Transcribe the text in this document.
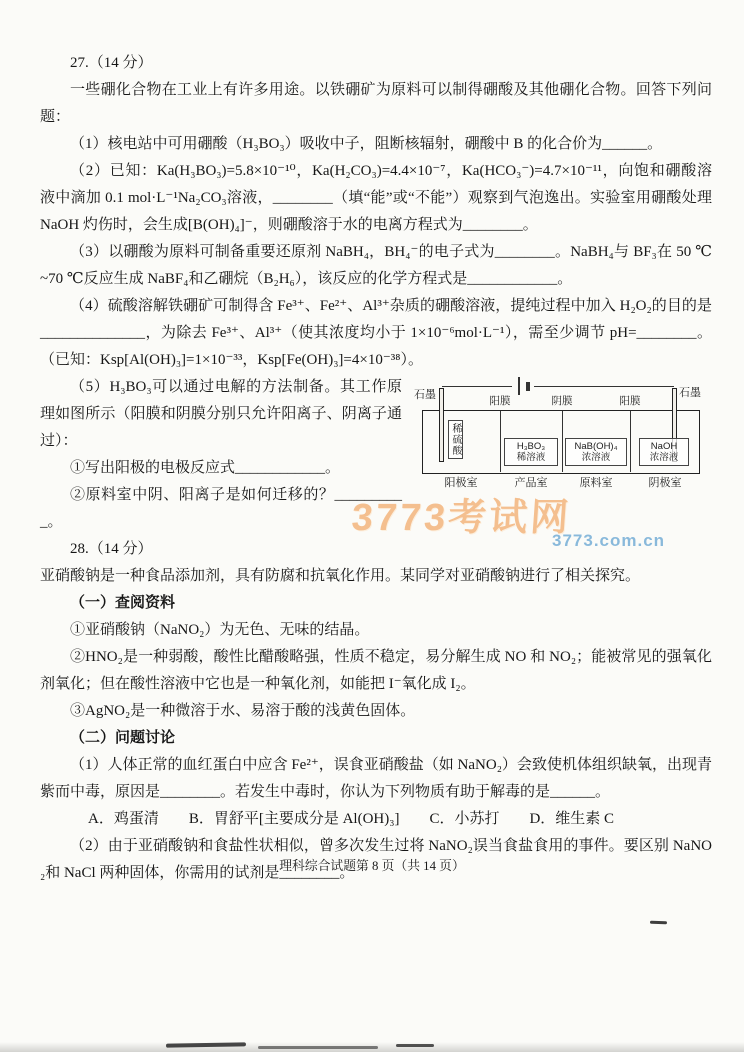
27.（14 分）

一些硼化合物在工业上有许多用途。以铁硼矿为原料可以制得硼酸及其他硼化合物。回答下列问题：

（1）核电站中可用硼酸（H₃BO₃）吸收中子，阻断核辐射，硼酸中 B 的化合价为______。

（2）已知：Ka(H₃BO₃)=5.8×10⁻¹⁰，Ka(H₂CO₃)=4.4×10⁻⁷，Ka(HCO₃⁻)=4.7×10⁻¹¹，向饱和硼酸溶液中滴加 0.1 mol·L⁻¹Na₂CO₃溶液，________（填“能”或“不能”）观察到气泡逸出。实验室用硼酸处理 NaOH 灼伤时，会生成[B(OH)₄]⁻，则硼酸溶于水的电离方程式为________。

（3）以硼酸为原料可制备重要还原剂 NaBH₄，BH₄⁻的电子式为________。NaBH₄与 BF₃在 50 ℃~70 ℃反应生成 NaBF₄和乙硼烷（B₂H₆），该反应的化学方程式是____________。

（4）硫酸溶解铁硼矿可制得含 Fe³⁺、Fe²⁺、Al³⁺杂质的硼酸溶液，提纯过程中加入 H₂O₂的目的是______________，为除去 Fe³⁺、Al³⁺（使其浓度均小于 1×10⁻⁶mol·L⁻¹），需至少调节 pH=________。（已知：Ksp[Al(OH)₃]=1×10⁻³³，Ksp[Fe(OH)₃]=4×10⁻³⁸）。

石墨	石墨
阳膜	阴膜	阳膜
稀硫酸	H₃BO₃
稀溶液
NaB(OH)₄
浓溶液
NaOH
浓溶液
阳极室	产品室	原料室	阴极室

（5）H₃BO₃可以通过电解的方法制备。其工作原理如图所示（阳膜和阴膜分别只允许阳离子、阴离子通过）：

①写出阳极的电极反应式____________。

②原料室中阴、阳离子是如何迁移的？__________。

28.（14 分）

亚硝酸钠是一种食品添加剂，具有防腐和抗氧化作用。某同学对亚硝酸钠进行了相关探究。

（一）查阅资料

①亚硝酸钠（NaNO₂）为无色、无味的结晶。

②HNO₂是一种弱酸，酸性比醋酸略强，性质不稳定，易分解生成 NO 和 NO₂；能被常见的强氧化剂氧化；但在酸性溶液中它也是一种氧化剂，如能把 I⁻氧化成 I₂。

③AgNO₂是一种微溶于水、易溶于酸的浅黄色固体。

（二）问题讨论

（1）人体正常的血红蛋白中应含 Fe²⁺，误食亚硝酸盐（如 NaNO₂）会致使机体组织缺氧，出现青紫而中毒，原因是________。若发生中毒时，你认为下列物质有助于解毒的是______。

A．鸡蛋清　　B．胃舒平[主要成分是 Al(OH)₃]　　C．小苏打　　D．维生素 C

（2）由于亚硝酸钠和食盐性状相似，曾多次发生过将 NaNO₂误当食盐食用的事件。要区别 NaNO₂和 NaCl 两种固体，你需用的试剂是________。

理科综合试题第 8 页（共 14 页）

3773考试网
3773.com.cn
